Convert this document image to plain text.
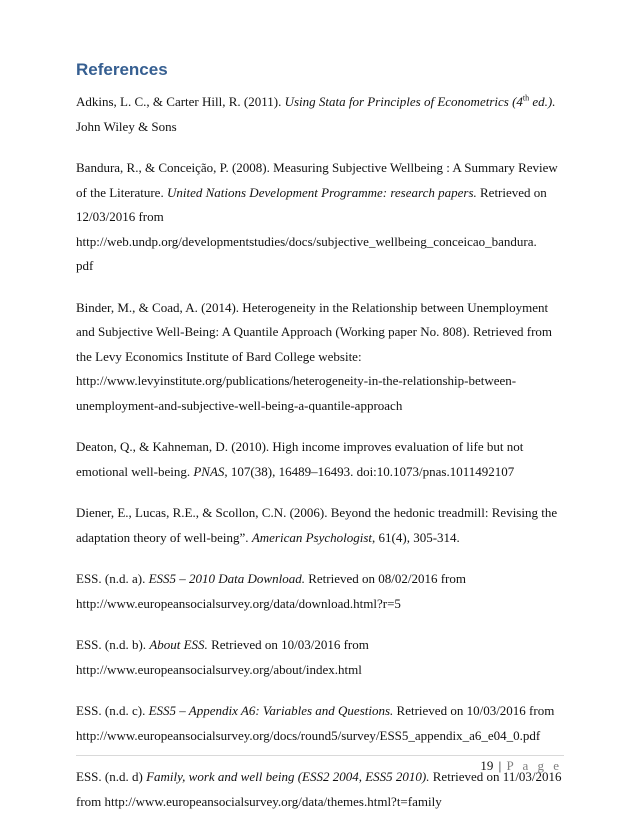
References

Adkins, L. C., & Carter Hill, R. (2011). Using Stata for Principles of Econometrics (4th ed.).
John Wiley & Sons

Bandura, R., & Conceição, P. (2008). Measuring Subjective Wellbeing : A Summary Review
of the Literature. United Nations Development Programme: research papers. Retrieved on
12/03/2016 from
http://web.undp.org/developmentstudies/docs/subjective_wellbeing_conceicao_bandura.
pdf

Binder, M., & Coad, A. (2014). Heterogeneity in the Relationship between Unemployment
and Subjective Well-Being: A Quantile Approach (Working paper No. 808). Retrieved from
the Levy Economics Institute of Bard College website:
http://www.levyinstitute.org/publications/heterogeneity-in-the-relationship-between-
unemployment-and-subjective-well-being-a-quantile-approach

Deaton, Q., & Kahneman, D. (2010). High income improves evaluation of life but not
emotional well-being. PNAS, 107(38), 16489–16493. doi:10.1073/pnas.1011492107

Diener, E., Lucas, R.E., & Scollon, C.N. (2006). Beyond the hedonic treadmill: Revising the
adaptation theory of well-being”. American Psychologist, 61(4), 305-314.

ESS. (n.d. a). ESS5 – 2010 Data Download. Retrieved on 08/02/2016 from
http://www.europeansocialsurvey.org/data/download.html?r=5

ESS. (n.d. b). About ESS. Retrieved on 10/03/2016 from
http://www.europeansocialsurvey.org/about/index.html

ESS. (n.d. c). ESS5 – Appendix A6: Variables and Questions. Retrieved on 10/03/2016 from
http://www.europeansocialsurvey.org/docs/round5/survey/ESS5_appendix_a6_e04_0.pdf

ESS. (n.d. d) Family, work and well being (ESS2 2004, ESS5 2010). Retrieved on 11/03/2016
from http://www.europeansocialsurvey.org/data/themes.html?t=family

19 | P a g e
